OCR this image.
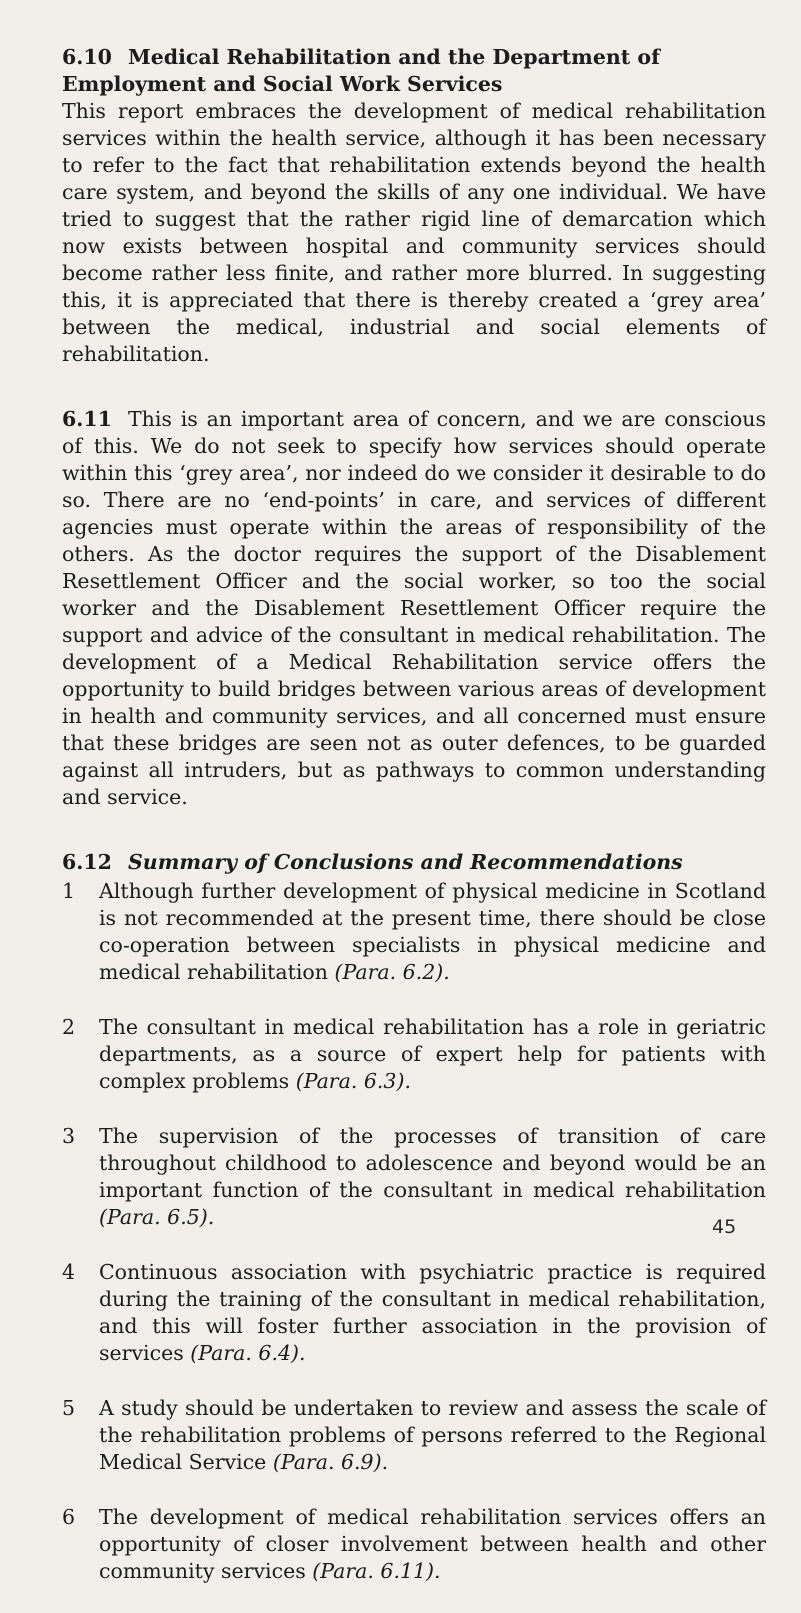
6.10 Medical Rehabilitation and the Department of Employment and Social Work Services

This report embraces the development of medical rehabilitation services within the health service, although it has been necessary to refer to the fact that rehabilitation extends beyond the health care system, and beyond the skills of any one individual. We have tried to suggest that the rather rigid line of demarcation which now exists between hospital and community services should become rather less finite, and rather more blurred. In suggesting this, it is appreciated that there is thereby created a ‘grey area’ between the medical, industrial and social elements of rehabilitation.

6.11 This is an important area of concern, and we are conscious of this. We do not seek to specify how services should operate within this ‘grey area’, nor indeed do we consider it desirable to do so. There are no ‘end-points’ in care, and services of different agencies must operate within the areas of responsibility of the others. As the doctor requires the support of the Disablement Resettlement Officer and the social worker, so too the social worker and the Disablement Resettlement Officer require the support and advice of the consultant in medical rehabilitation. The development of a Medical Rehabilitation service offers the opportunity to build bridges between various areas of development in health and community services, and all concerned must ensure that these bridges are seen not as outer defences, to be guarded against all intruders, but as pathways to common understanding and service.

6.12 Summary of Conclusions and Recommendations

1 Although further development of physical medicine in Scotland is not recommended at the present time, there should be close co-operation between specialists in physical medicine and medical rehabilitation (Para. 6.2).
2 The consultant in medical rehabilitation has a role in geriatric departments, as a source of expert help for patients with complex problems (Para. 6.3).
3 The supervision of the processes of transition of care throughout childhood to adolescence and beyond would be an important function of the consultant in medical rehabilitation (Para. 6.5).
4 Continuous association with psychiatric practice is required during the training of the consultant in medical rehabilitation, and this will foster further association in the provision of services (Para. 6.4).
5 A study should be undertaken to review and assess the scale of the rehabilitation problems of persons referred to the Regional Medical Service (Para. 6.9).
6 The development of medical rehabilitation services offers an opportunity of closer involvement between health and other community services (Para. 6.11).
45
